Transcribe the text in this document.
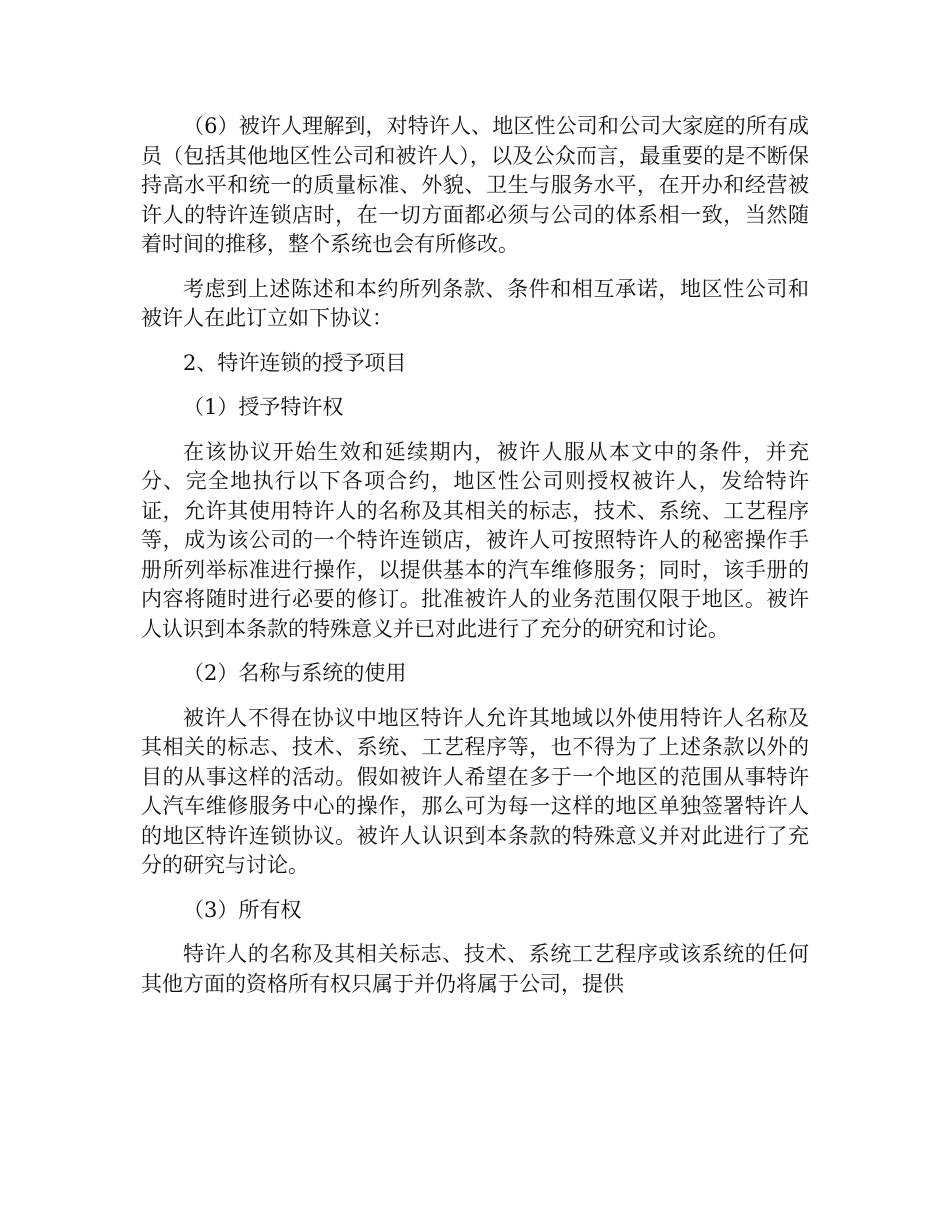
（6）被许人理解到，对特许人、地区性公司和公司大家庭的所有成员（包括其他地区性公司和被许人），以及公众而言，最重要的是不断保持高水平和统一的质量标准、外貌、卫生与服务水平，在开办和经营被许人的特许连锁店时，在一切方面都必须与公司的体系相一致，当然随着时间的推移，整个系统也会有所修改。

考虑到上述陈述和本约所列条款、条件和相互承诺，地区性公司和被许人在此订立如下协议：

2、特许连锁的授予项目

（1）授予特许权

在该协议开始生效和延续期内，被许人服从本文中的条件，并充分、完全地执行以下各项合约，地区性公司则授权被许人，发给特许证，允许其使用特许人的名称及其相关的标志，技术、系统、工艺程序等，成为该公司的一个特许连锁店，被许人可按照特许人的秘密操作手册所列举标准进行操作，以提供基本的汽车维修服务；同时，该手册的内容将随时进行必要的修订。批准被许人的业务范围仅限于地区。被许人认识到本条款的特殊意义并已对此进行了充分的研究和讨论。

（2）名称与系统的使用

被许人不得在协议中地区特许人允许其地域以外使用特许人名称及其相关的标志、技术、系统、工艺程序等，也不得为了上述条款以外的目的从事这样的活动。假如被许人希望在多于一个地区的范围从事特许人汽车维修服务中心的操作，那么可为每一这样的地区单独签署特许人的地区特许连锁协议。被许人认识到本条款的特殊意义并对此进行了充分的研究与讨论。

（3）所有权

特许人的名称及其相关标志、技术、系统工艺程序或该系统的任何其他方面的资格所有权只属于并仍将属于公司，提供
